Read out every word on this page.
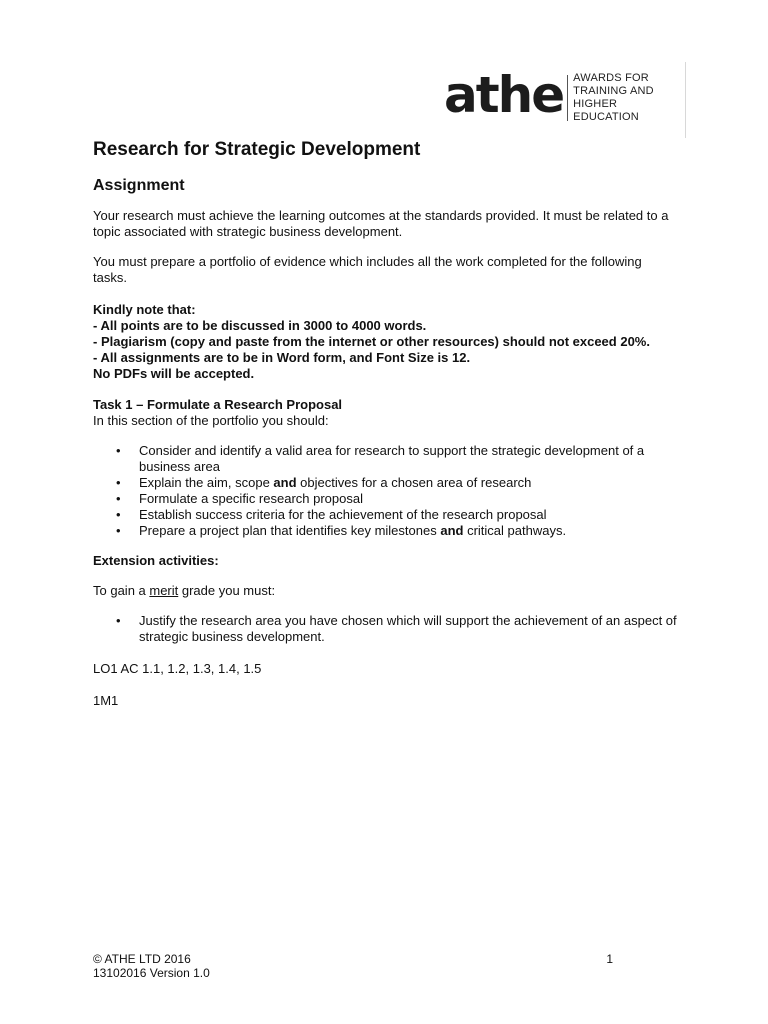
athe AWARDS FOR
TRAINING AND
HIGHER EDUCATION
Research for Strategic Development
Assignment

Your research must achieve the learning outcomes at the standards provided. It must be related to a topic associated with strategic business development.

You must prepare a portfolio of evidence which includes all the work completed for the following tasks.

Kindly note that:
- All points are to be discussed in 3000 to 4000 words.
- Plagiarism (copy and paste from the internet or other resources) should not exceed 20%.
- All assignments are to be in Word form, and Font Size is 12.
No PDFs will be accepted.

Task 1 – Formulate a Research Proposal

In this section of the portfolio you should:

• Consider and identify a valid area for research to support the strategic development of a business area
• Explain the aim, scope and objectives for a chosen area of research
• Formulate a specific research proposal
• Establish success criteria for the achievement of the research proposal
• Prepare a project plan that identifies key milestones and critical pathways.

Extension activities:

To gain a merit grade you must:

• Justify the research area you have chosen which will support the achievement of an aspect of strategic business development.

LO1 AC 1.1, 1.2, 1.3, 1.4, 1.5

1M1

© ATHE LTD 2016
13102016 Version 1.0
1
